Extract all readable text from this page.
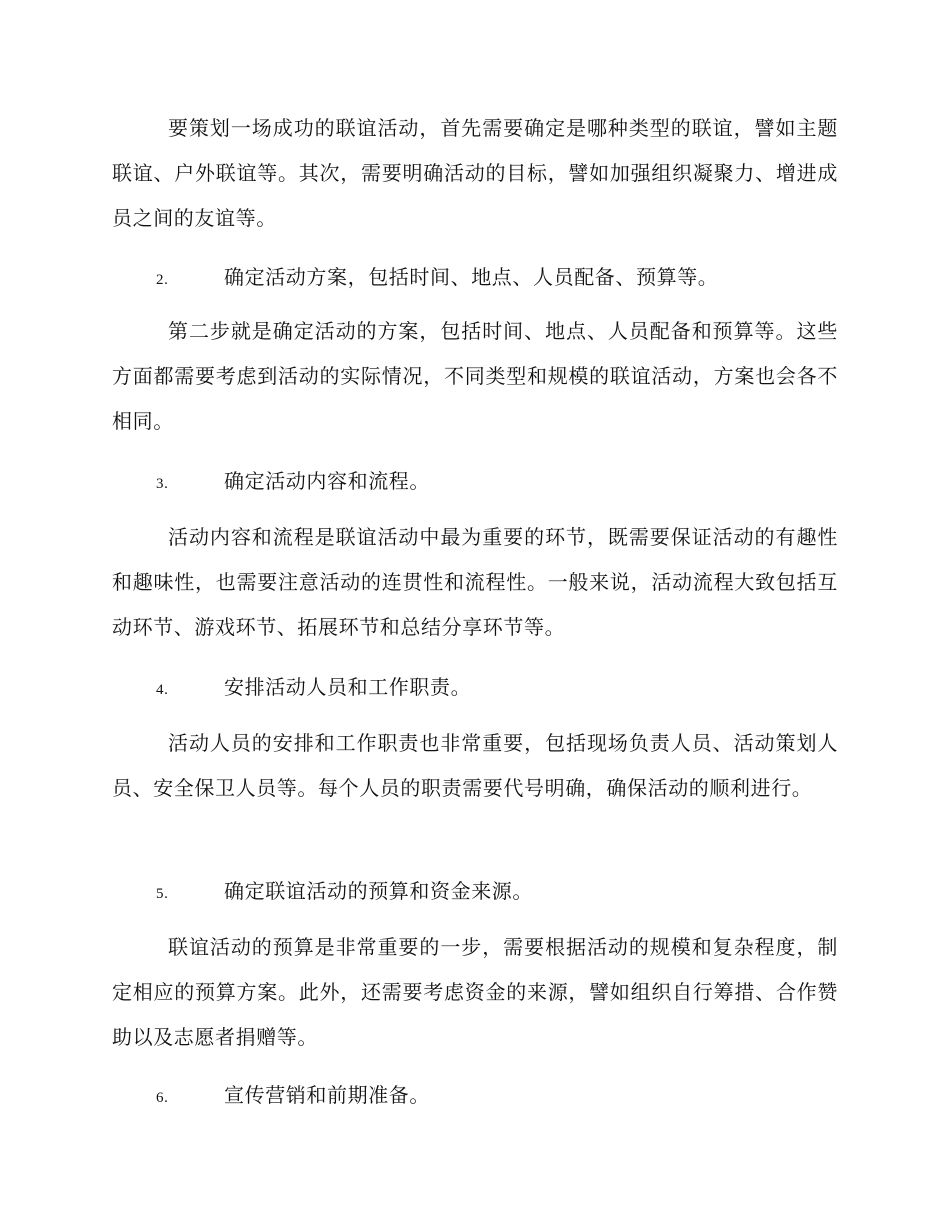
要策划一场成功的联谊活动，首先需要确定是哪种类型的联谊，譬如主题联谊、户外联谊等。其次，需要明确活动的目标，譬如加强组织凝聚力、增进成员之间的友谊等。

2.	确定活动方案，包括时间、地点、人员配备、预算等。

第二步就是确定活动的方案，包括时间、地点、人员配备和预算等。这些方面都需要考虑到活动的实际情况，不同类型和规模的联谊活动，方案也会各不相同。

3.	确定活动内容和流程。

活动内容和流程是联谊活动中最为重要的环节，既需要保证活动的有趣性和趣味性，也需要注意活动的连贯性和流程性。一般来说，活动流程大致包括互动环节、游戏环节、拓展环节和总结分享环节等。

4.	安排活动人员和工作职责。

活动人员的安排和工作职责也非常重要，包括现场负责人员、活动策划人员、安全保卫人员等。每个人员的职责需要代号明确，确保活动的顺利进行。

5.	确定联谊活动的预算和资金来源。

联谊活动的预算是非常重要的一步，需要根据活动的规模和复杂程度，制定相应的预算方案。此外，还需要考虑资金的来源，譬如组织自行筹措、合作赞助以及志愿者捐赠等。

6.	宣传营销和前期准备。
